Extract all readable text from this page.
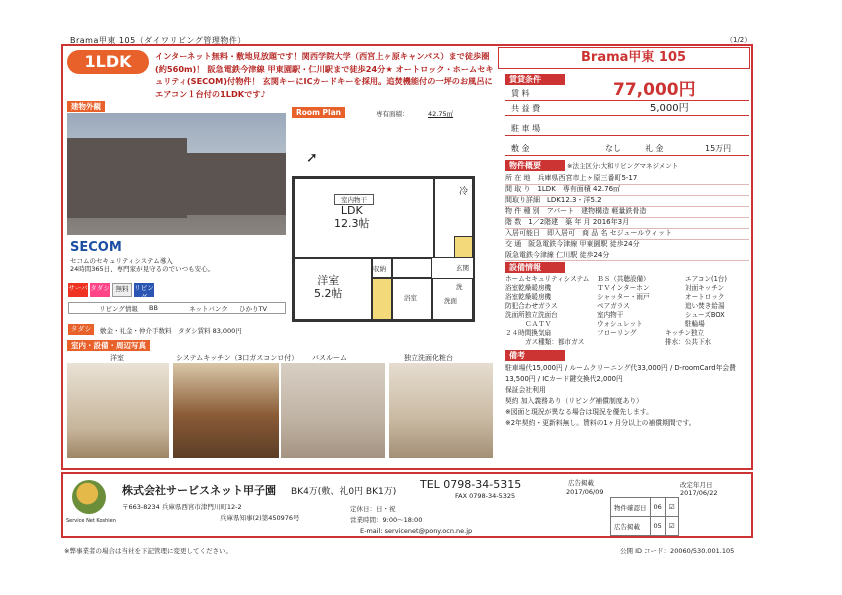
Brama甲東 105（ダイワリビング管理物件）	（1/2）
1LDK	インターネット無料・敷地見放題です！関西学院大学（西宮上ヶ原キャンパス）まで徒歩圏(約560m)！ 阪急電鉄今津線 甲東園駅・仁川駅まで徒歩24分★ オートロック・ホームセキュリティ(SECOM)付物件！ 玄関キーにICカードキーを採用。追焚機能付の一坪のお風呂にエアコン１台付の1LDKです♪
Brama甲東 105
建物外観
SECOM
セコムのセキュリティシステム導入
24時間365日、専門家が見守るのでいつも安心。
サーバ タダシ 無料 リビング
リビング情報 BB	ネットバンク ひかりTV
タダシ	敷金・礼金・仲介手数料 タダシ賃料 83,000円
室内・設備・周辺写真
Room Plan	専有面積：	42.75㎡
➚
LDK
12.3帖
室内物干
冷
洋室
5.2帖
収納
浴室	洗面
洗
玄関
賃貸条件
賃 料	77,000円
共 益 費	5,000円
駐 車 場
敷 金	なし	礼 金	15万円
物件概要	※法主区分:大和リビングマネジメント
所 在 地　 兵庫県西宮市上ヶ原三番町5-17
間 取 り　 1LDK　専有面積 42.76㎡
間取り詳細　 LDK12.3・洋5.2
物 件 種 別　 アパート　建物構造 軽量鉄骨造
階 数　 1／2階建　築 年 月 2016年3月
入居可能日　 即入居可　商 品 名 セジュールウィット
交 通　 阪急電鉄今津線 甲東園駅 徒歩24分
阪急電鉄今津線 仁川駅 徒歩24分
設備情報
ホームセキュリティシステム ＢＳ（共聴設備）	エアコン(1台)
浴室乾燥暖房機	ＴＶインターホン	対面キッチン
浴室乾燥暖房機	シャッター・雨戸	オートロック
防犯合わせガラス	ペアガラス	追い焚き給湯
洗面所独立洗面台	室内物干	シューズBOX
ＣＡＴＶ	ウォシュレット	駐輪場
２４時間換気扇	フローリング	キッチン独立
ガス種類：都市ガス	排水：公共下水
備考
駐車場代15,000円 / ルームクリーニング代33,000円 / D-roomCard年会費
13,500円 / ICカード鍵交換代2,000円
保証会社利用
契約 加入義務あり（リビング補償制度あり）
※図面と現況が異なる場合は現況を優先します。
※2年契約・更新料無し。賃料の1ヶ月分以上の補償期間です。
洋室	システムキッチン（3口ガスコンロ付） バスルーム	独立洗面化粧台
Service Net Koshien
株式会社サービスネット甲子園 BK4万(敷、礼0円 BK1万)
TEL 0798-34-5315
FAX 0798-34-5325
〒663-8234 兵庫県西宮市津門川町12-2
兵庫県知事(2)第450976号
定休日：日・祝
営業時間：9:00～18:00
E-mail: servicenet@pony.ocn.ne.jp
広告掲載
2017/06/09
改定年月日
2017/06/22
物件確認日	06	☑
広告掲載	05	☑
※弊事業者の場合は当社を下記管理に変更してください。	公開 ID コード：20060/530.001.105
